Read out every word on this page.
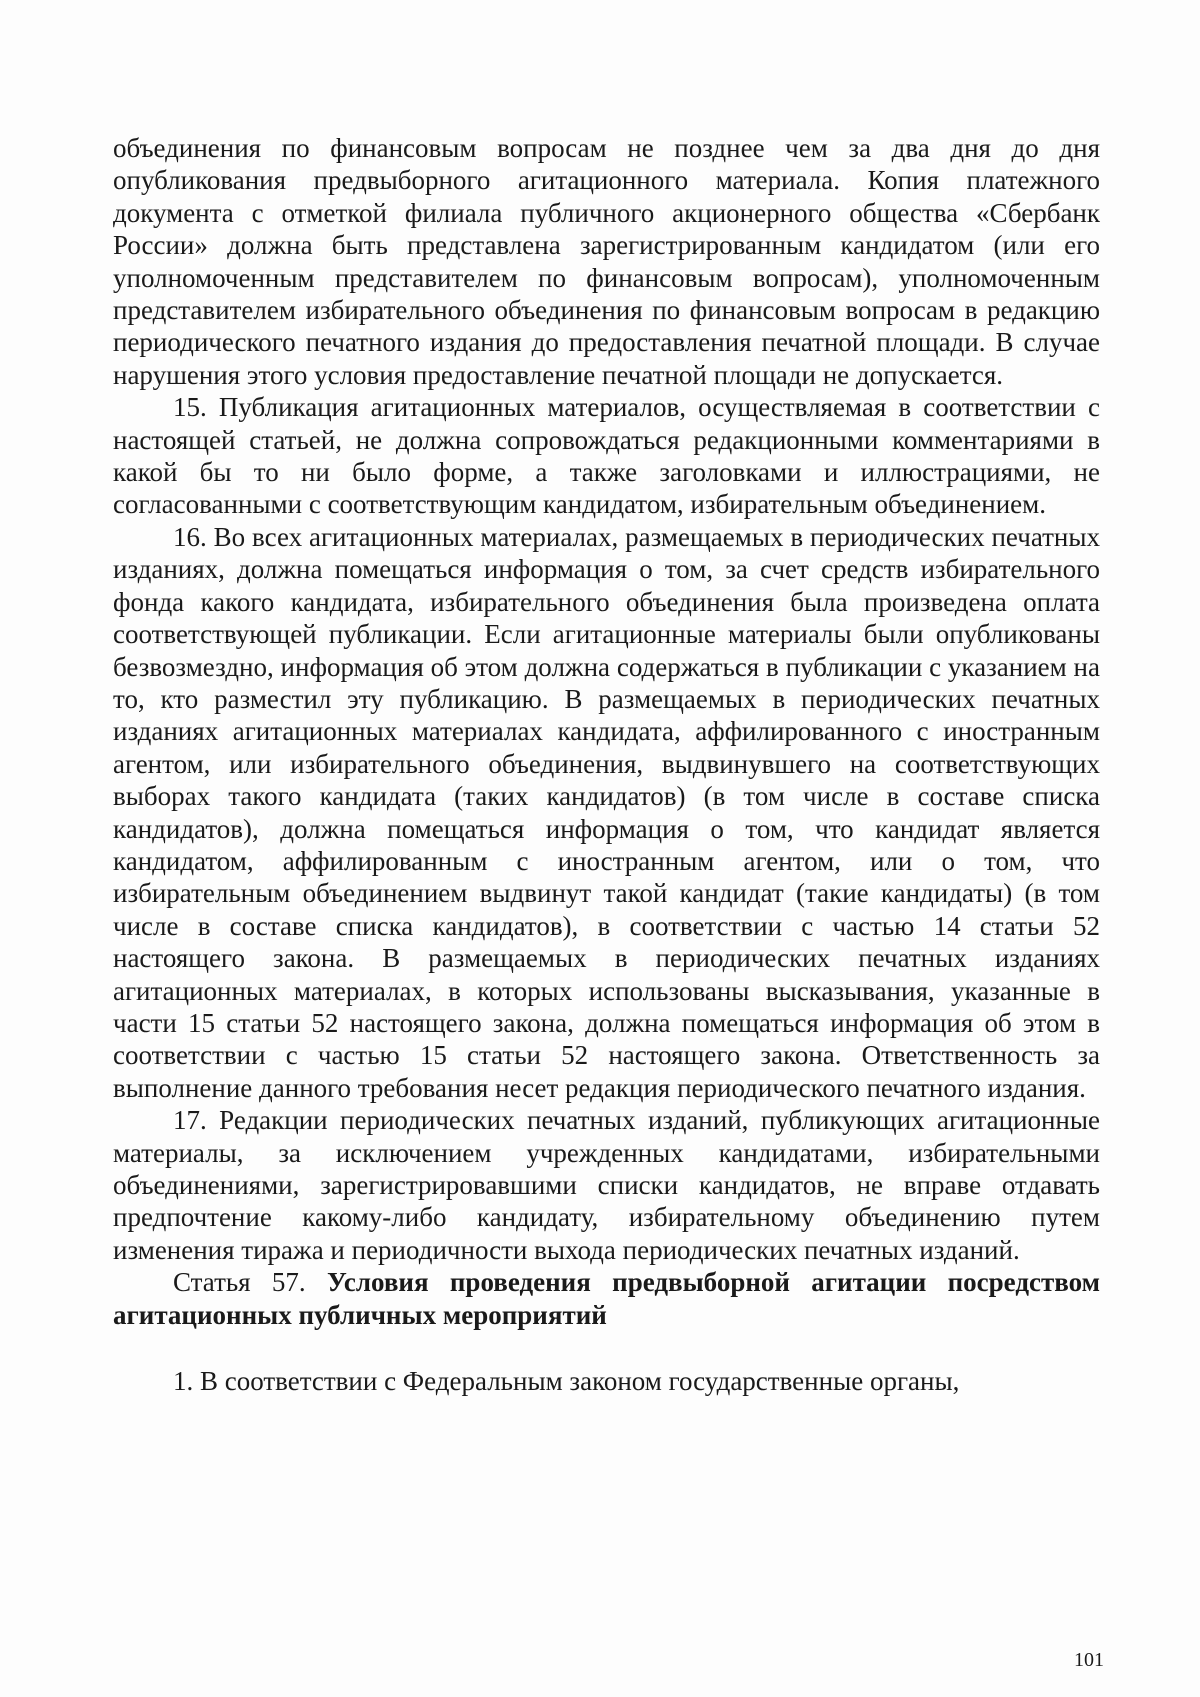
объединения по финансовым вопросам не позднее чем за два дня до дня опубликования предвыборного агитационного материала. Копия платежного документа с отметкой филиала публичного акционерного общества «Сбербанк России» должна быть представлена зарегистрированным кандидатом (или его уполномоченным представителем по финансовым вопросам), уполномоченным представителем избирательного объединения по финансовым вопросам в редакцию периодического печатного издания до предоставления печатной площади. В случае нарушения этого условия предоставление печатной площади не допускается.

15. Публикация агитационных материалов, осуществляемая в соответствии с настоящей статьей, не должна сопровождаться редакционными комментариями в какой бы то ни было форме, а также заголовками и иллюстрациями, не согласованными с соответствующим кандидатом, избирательным объединением.

16. Во всех агитационных материалах, размещаемых в периодических печатных изданиях, должна помещаться информация о том, за счет средств избирательного фонда какого кандидата, избирательного объединения была произведена оплата соответствующей публикации. Если агитационные материалы были опубликованы безвозмездно, информация об этом должна содержаться в публикации с указанием на то, кто разместил эту публикацию. В размещаемых в периодических печатных изданиях агитационных материалах кандидата, аффилированного с иностранным агентом, или избирательного объединения, выдвинувшего на соответствующих выборах такого кандидата (таких кандидатов) (в том числе в составе списка кандидатов), должна помещаться информация о том, что кандидат является кандидатом, аффилированным с иностранным агентом, или о том, что избирательным объединением выдвинут такой кандидат (такие кандидаты) (в том числе в составе списка кандидатов), в соответствии с частью 14 статьи 52 настоящего закона. В размещаемых в периодических печатных изданиях агитационных материалах, в которых использованы высказывания, указанные в части 15 статьи 52 настоящего закона, должна помещаться информация об этом в соответствии с частью 15 статьи 52 настоящего закона. Ответственность за выполнение данного требования несет редакция периодического печатного издания.

17. Редакции периодических печатных изданий, публикующих агитационные материалы, за исключением учрежденных кандидатами, избирательными объединениями, зарегистрировавшими списки кандидатов, не вправе отдавать предпочтение какому-либо кандидату, избирательному объединению путем изменения тиража и периодичности выхода периодических печатных изданий.

Статья 57. Условия проведения предвыборной агитации посредством агитационных публичных мероприятий

1. В соответствии с Федеральным законом государственные органы,

101
